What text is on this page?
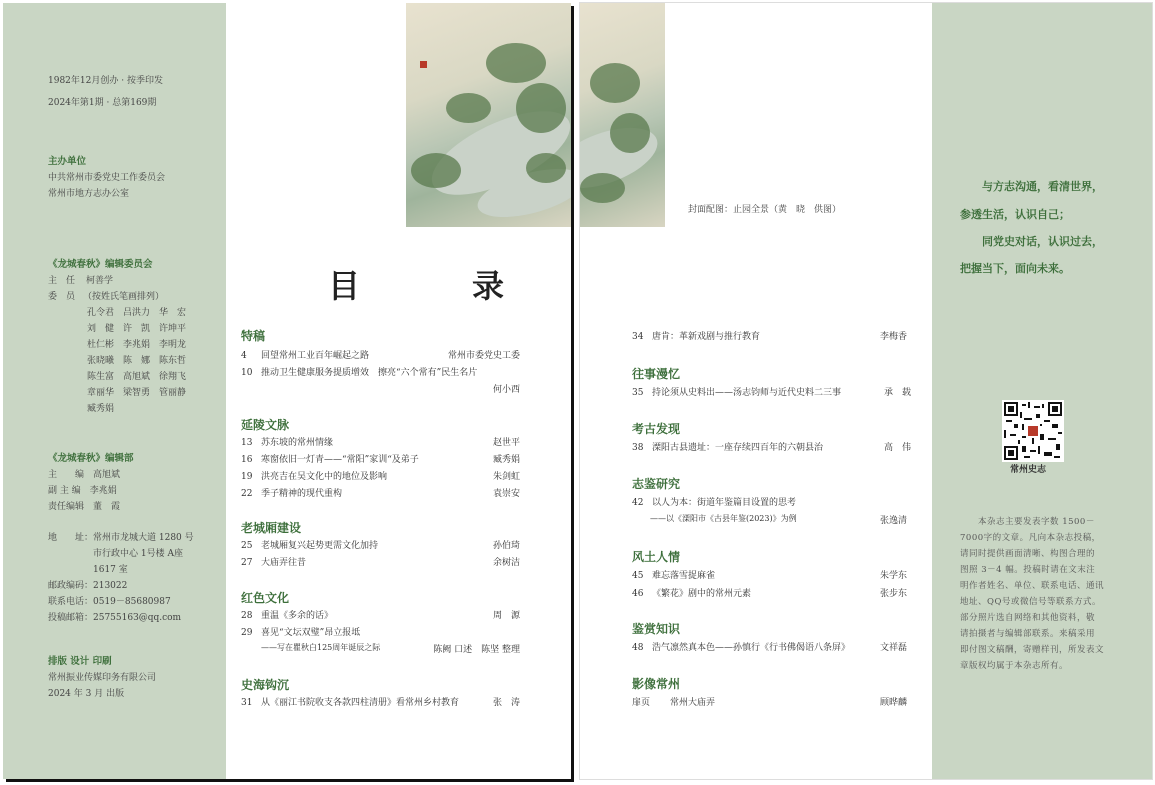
1982年12月创办 · 按季印发
2024年第1期 · 总第169期
主办单位
中共常州市委党史工作委员会
常州市地方志办公室
《龙城春秋》编辑委员会
主　任 柯善学
委　员 （按姓氏笔画排列）
孔令君　吕洪力　华　宏
刘　健　许　凯　许坤平
杜仁彬　李兆娟　李明龙
张晓曦　陈　娜　陈东哲
陈生富　高旭斌　徐翔飞
章丽华　梁智勇　管丽静
臧秀娟
《龙城春秋》编辑部
主　　编　高旭斌
副 主 编　李兆娟
责任编辑　董　霞
地　　址：常州市龙城大道 1280 号
　　　　　市行政中心 1号楼 A座
　　　　　1617 室
邮政编码：213022
联系电话：0519－85680987
投稿邮箱：2575516З@qq.com
排版 设计 印刷
常州振业传媒印务有限公司
2024 年 3 月 出版
目　录
特稿
4 回望常州工业百年崛起之路	常州市委党史工委
10 推动卫生健康服务提质增效　擦亮“六个常有”民生名片
何小西
延陵文脉
13 苏东坡的常州情缘	赵世平
16 寒窗依旧一灯青——“常阳”家训“及弟子	臧秀娟
19 洪亮吉在吴文化中的地位及影响	朱剑虹
22 季子精神的现代重构	袁崇安
老城厢建设
25 老城厢复兴起势更需文化加持	孙伯琦
27 大庙弄往昔	余树洁
红色文化
28 重温《多余的话》	周　源
29 喜见“文坛双璧”昂立报坻
——写在瞿秋白125周年诞辰之际	陈阙 口述　陈坚 整理
史海钩沉
31 从《丽江书院收支各款四柱清册》看常州乡村教育	张　涛
封面配图：止园全景（黄　晓　供图）
34 唐肯：革新戏剧与推行教育	李梅香
往事漫忆
35 持论须从史料出——汤志钧师与近代史料二三事	承　载
考古发现
38 溧阳古县遗址：一座存续四百年的六朝县治	高　伟
志鉴研究
42 以人为本：街道年鉴篇目设置的思考
——以《溧阳市《古县年鉴(2023)》为例	张逸清
风土人情
45 难忘落雪捉麻雀	朱学东
46 《繁花》剧中的常州元素	张步东
鉴赏知识
48 浩气凛然真本色——孙慎行《行书佛偈语八条屏》	文祥磊
影像常州
扉页 常州大庙弄	顾晔麟
　　与方志沟通，看清世界，
参透生活，认识自己；
　　同党史对话，认识过去，
把握当下，面向未来。
常州史志
　　本杂志主要发表字数 1500－
7000字的文章。凡向本杂志投稿，
请同时提供画面清晰、构图合理的
图照 3－4 幅。投稿时请在文末注
明作者姓名、单位、联系电话、通讯
地址、QQ号或微信号等联系方式。
部分照片选自网络和其他资料，敬
请拍摄者与编辑部联系。来稿采用
即付图文稿酬，寄赠样刊，所发表文
章版权均属于本杂志所有。
